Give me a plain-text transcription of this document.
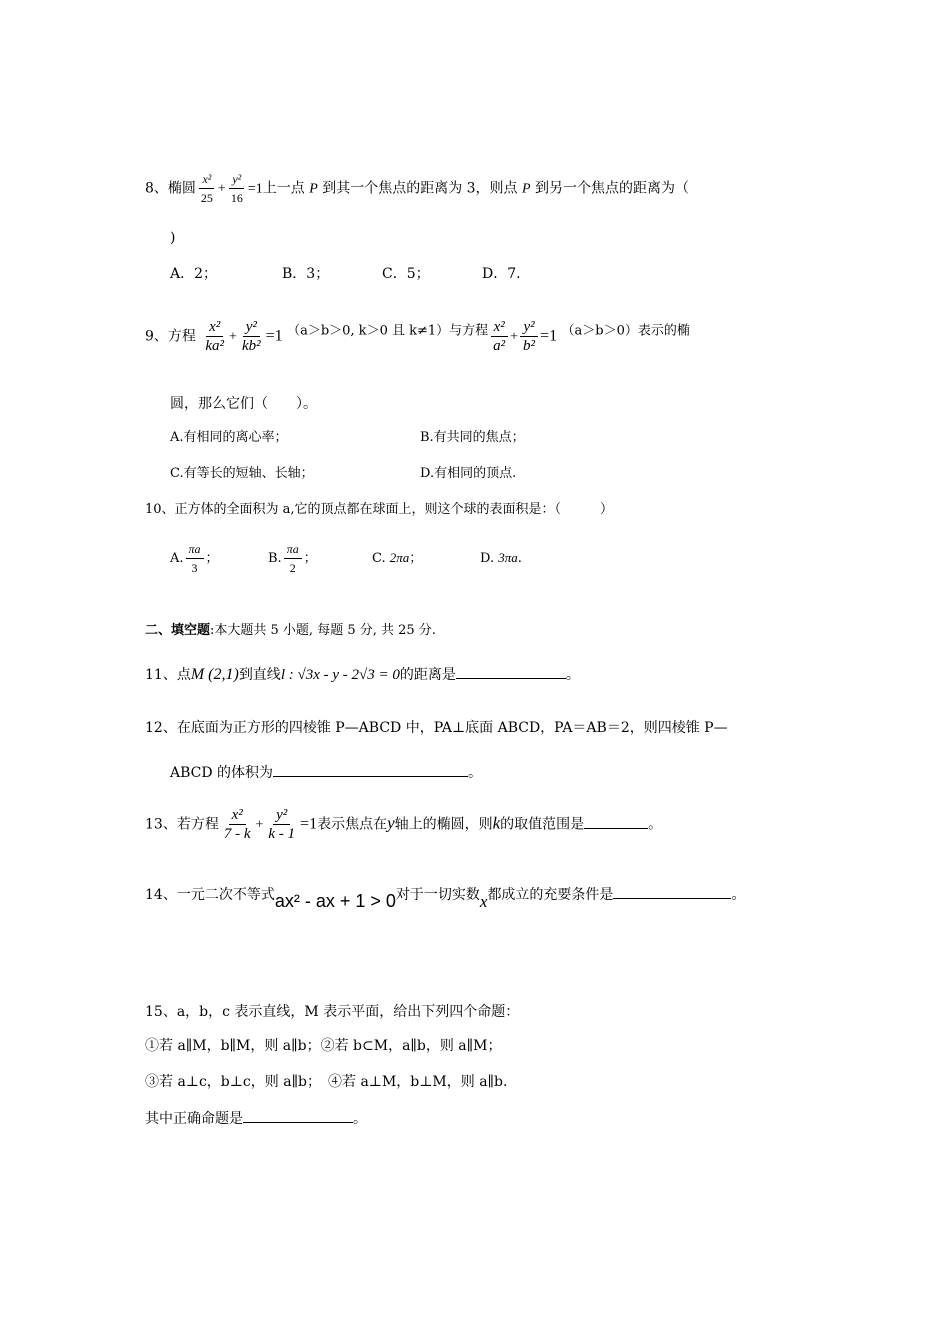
8、椭圆 $\frac{\text{x²}}{25} + \frac{\text{y²}}{16} =1$上一点 P 到其一个焦点的距离为 3，则点 P 到另一个焦点的距离为（
)
A．2；	B．3；	C．5；	D．7.
9、方程 $\frac{\text{x²}}{\text{ka²}} + \frac{\text{y²}}{\text{kb²}} =1$ （a＞b＞0, k＞0 且 k≠1）与方程 $\frac{\text{x²}}{\text{a²}} + \frac{\text{y²}}{\text{b²}} =1$ （a＞b＞0）表示的椭
圆，那么它们（　　）。
A.有相同的离心率；	B.有共同的焦点；
C.有等长的短轴、长轴；	D.有相同的顶点.
10、正方体的全面积为 a,它的顶点都在球面上，则这个球的表面积是：（　　　）
A. $\frac{\pi a}{3}$ ；	B. $\frac{\pi a}{2}$ ；	C. 2πa；	D. 3πa.
二、填空题:本大题共 5 小题, 每题 5 分, 共 25 分.
11、点M (2,1)到直线l : √3x - y - 2√3 = 0的距离是	。
12、在底面为正方形的四棱锥 P—ABCD 中，PA⊥底面 ABCD，PA＝AB＝2，则四棱锥 P—
ABCD 的体积为	。
13、若方程 $\frac{\text{x²}}{7 - k} + \frac{\text{y²}}{k - 1} =1$表示焦点在y轴上的椭圆，则k的取值范围是	。
14、一元二次不等式ax² - ax + 1 > 0对于一切实数x都成立的充要条件是	。
15、a，b，c 表示直线，M 表示平面，给出下列四个命题：
①若 a∥M，b∥M，则 a∥b；②若 b⊂M，a∥b，则 a∥M；
③若 a⊥c，b⊥c，则 a∥b；　④若 a⊥M，b⊥M，则 a∥b.
其中正确命题是	。
